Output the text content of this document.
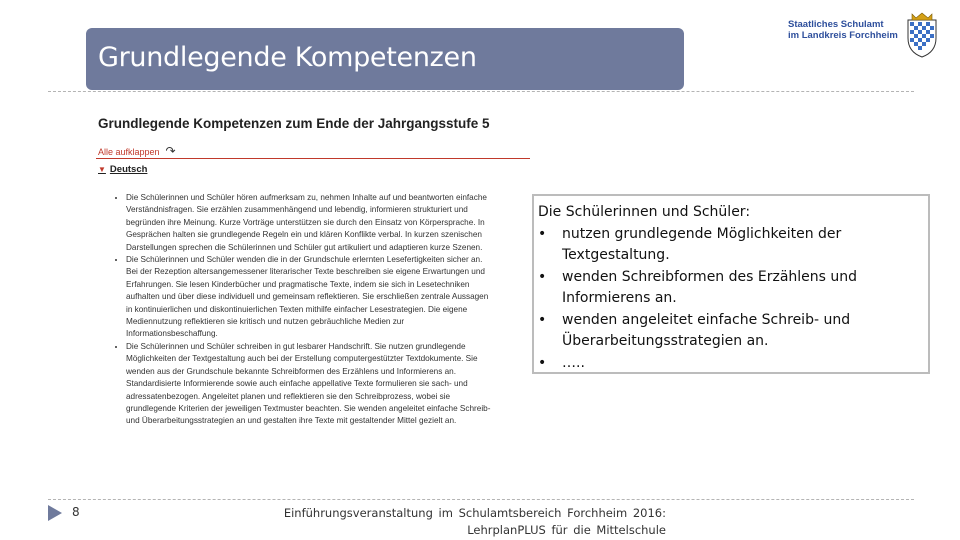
Grundlegende Kompetenzen
Staatliches Schulamt
im Landkreis Forchheim
Grundlegende Kompetenzen zum Ende der Jahrgangsstufe 5
Alle aufklappen ↷
▼ Deutsch
• Die Schülerinnen und Schüler hören aufmerksam zu, nehmen Inhalte auf und beantworten einfache Verständnisfragen. Sie erzählen zusammenhängend und lebendig, informieren strukturiert und begründen ihre Meinung. Kurze Vorträge unterstützen sie durch den Einsatz von Körpersprache. In Gesprächen halten sie grundlegende Regeln ein und klären Konflikte verbal. In kurzen szenischen Darstellungen sprechen die Schülerinnen und Schüler gut artikuliert und adaptieren kurze Szenen.
• Die Schülerinnen und Schüler wenden die in der Grundschule erlernten Lesefertigkeiten sicher an. Bei der Rezeption altersangemessener literarischer Texte beschreiben sie eigene Erwartungen und Erfahrungen. Sie lesen Kinderbücher und pragmatische Texte, indem sie sich in Lesetechniken aufhalten und über diese individuell und gemeinsam reflektieren. Sie erschließen zentrale Aussagen in kontinuierlichen und diskontinuierlichen Texten mithilfe einfacher Lesestrategien. Die eigene Mediennutzung reflektieren sie kritisch und nutzen gebräuchliche Medien zur Informationsbeschaffung.
• Die Schülerinnen und Schüler schreiben in gut lesbarer Handschrift. Sie nutzen grundlegende Möglichkeiten der Textgestaltung auch bei der Erstellung computergestützter Textdokumente. Sie wenden aus der Grundschule bekannte Schreibformen des Erzählens und Informierens an. Standardisierte Informierende sowie auch einfache appellative Texte formulieren sie sach- und adressatenbezogen. Angeleitet planen und reflektieren sie den Schreibprozess, wobei sie grundlegende Kriterien der jeweiligen Textmuster beachten. Sie wenden angeleitet einfache Schreib- und Überarbeitungsstrategien an und gestalten ihre Texte mit gestaltender Mittel gezielt an.

Die Schülerinnen und Schüler:

•	nutzen grundlegende Möglichkeiten der Textgestaltung.
•	wenden Schreibformen des Erzählens und Informierens an.
•	wenden angeleitet einfache Schreib- und Überarbeitungsstrategien an.
•	…..
8	Einführungsveranstaltung im Schulamtsbereich Forchheim 2016:
LehrplanPLUS für die Mittelschule
